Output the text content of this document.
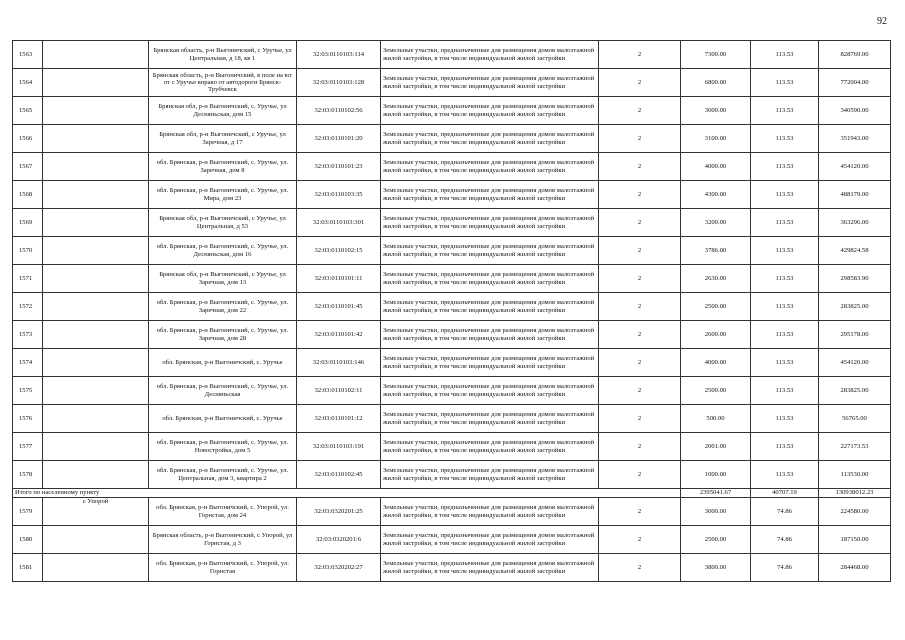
92
1563		Брянская область, р-н Выгоничский, с Уручье, ул Центральная, д 18, кв 1	32:03:0110103:114	Земельные участки, предназначенные для размещения домов малоэтажной жилой застройки, в том числе индивидуальной жилой застройки	2	7300.00	113.53	828769.00
1564		Брянская область, р-н Выгоничский, в поле на юг от с Уручье вправо от автодороги Брянск-Трубчевск	32:03:0110103:128	Земельные участки, предназначенные для размещения домов малоэтажной жилой застройки, в том числе индивидуальной жилой застройки	2	6800.00	113.53	772004.00
1565		Брянская обл, р-н Выгоничский, с. Уручье, ул Десняньская, дом 15	32:03:0110102:56	Земельные участки, предназначенные для размещения домов малоэтажной жилой застройки, в том числе индивидуальной жилой застройки	2	3000.00	113.53	340590.00
1566		Брянская обл, р-н Выгоничский, с Уручье, ул Заречная, д 17	32:03:0110101:20	Земельные участки, предназначенные для размещения домов малоэтажной жилой застройки, в том числе индивидуальной жилой застройки	2	3100.00	113.53	351943.00
1567		обл. Брянская, р-н Выгоничский, с. Уручье, ул. Заречная, дом 8	32:03:0110101:23	Земельные участки, предназначенные для размещения домов малоэтажной жилой застройки, в том числе индивидуальной жилой застройки	2	4000.00	113.53	454120.00
1568		обл. Брянская, р-н Выгоничский, с. Уручье, ул. Мира, дом 23	32:03:0110103:35	Земельные участки, предназначенные для размещения домов малоэтажной жилой застройки, в том числе индивидуальной жилой застройки	2	4300.00	113.53	488179.00
1569		Брянская обл, р-н Выгоничский, с Уручье, ул Центральная, д 53	32:03:0110103:301	Земельные участки, предназначенные для размещения домов малоэтажной жилой застройки, в том числе индивидуальной жилой застройки	2	3200.00	113.53	363296.00
1570		обл. Брянская, р-н Выгоничский, с. Уручье, ул. Десняньская, дом 16	32:03:0110102:15	Земельные участки, предназначенные для размещения домов малоэтажной жилой застройки, в том числе индивидуальной жилой застройки	2	3786.00	113.53	429824.58
1571		Брянская обл, р-н Выгоничский, с Уручье, ул Заречная, дом 13	32:03:0110101:11	Земельные участки, предназначенные для размещения домов малоэтажной жилой застройки, в том числе индивидуальной жилой застройки	2	2630.00	113.53	298583.90
1572		обл. Брянская, р-н Выгоничский, с. Уручье, ул. Заречная, дом 22	32:03:0110101:45	Земельные участки, предназначенные для размещения домов малоэтажной жилой застройки, в том числе индивидуальной жилой застройки	2	2500.00	113.53	283825.00
1573		обл. Брянская, р-н Выгоничский, с. Уручье, ул. Заречная, дом 28	32:03:0110101:42	Земельные участки, предназначенные для размещения домов малоэтажной жилой застройки, в том числе индивидуальной жилой застройки	2	2600.00	113.53	295178.00
1574		обл. Брянская, р-н Выгоничский, с. Уручье	32:03:0110103:146	Земельные участки, предназначенные для размещения домов малоэтажной жилой застройки, в том числе индивидуальной жилой застройки	2	4000.00	113.53	454120.00
1575		обл. Брянская, р-н Выгоничский, с. Уручье, ул. Десняньская	32:03:0110102:11	Земельные участки, предназначенные для размещения домов малоэтажной жилой застройки, в том числе индивидуальной жилой застройки	2	2500.00	113.53	283825.00
1576		обл. Брянская, р-н Выгоничский, с. Уручье	32:03:0110101:12	Земельные участки, предназначенные для размещения домов малоэтажной жилой застройки, в том числе индивидуальной жилой застройки	2	500.00	113.53	56765.00
1577		обл. Брянская, р-н Выгоничский, с. Уручье, ул. Новостройка, дом 5	32:03:0110103:191	Земельные участки, предназначенные для размещения домов малоэтажной жилой застройки, в том числе индивидуальной жилой застройки	2	2001.00	113.53	227173.53
1578		обл. Брянская, р-н Выгоничский, с. Уручье, ул. Центральная, дом 3, квартира 2	32:03:0110102:45	Земельные участки, предназначенные для размещения домов малоэтажной жилой застройки, в том числе индивидуальной жилой застройки	2	1000.00	113.53	113530.00
Итого по населенному пункту						2395041.67	40707.19	130938012.23
1579	с Упорой	обл. Брянская, р-н Выгоничский, с. Упорой, ул. Горнстая, дом 24	32:03:0320201:25	Земельные участки, предназначенные для размещения домов малоэтажной жилой застройки, в том числе индивидуальной жилой застройки	2	3000.00	74.86	224580.00
1580		Брянская область, р-н Выгоничский, с Упорой, ул Горнстая, д 3	32:03:0320201:6	Земельные участки, предназначенные для размещения домов малоэтажной жилой застройки, в том числе индивидуальной жилой застройки	2	2500.00	74.86	187150.00
1581		обл. Брянская, р-н Выгоничский, с. Упорой, ул. Горнстая	32:03:0320202:27	Земельные участки, предназначенные для размещения домов малоэтажной жилой застройки, в том числе индивидуальной жилой застройки	2	3800.00	74.86	284468.00
